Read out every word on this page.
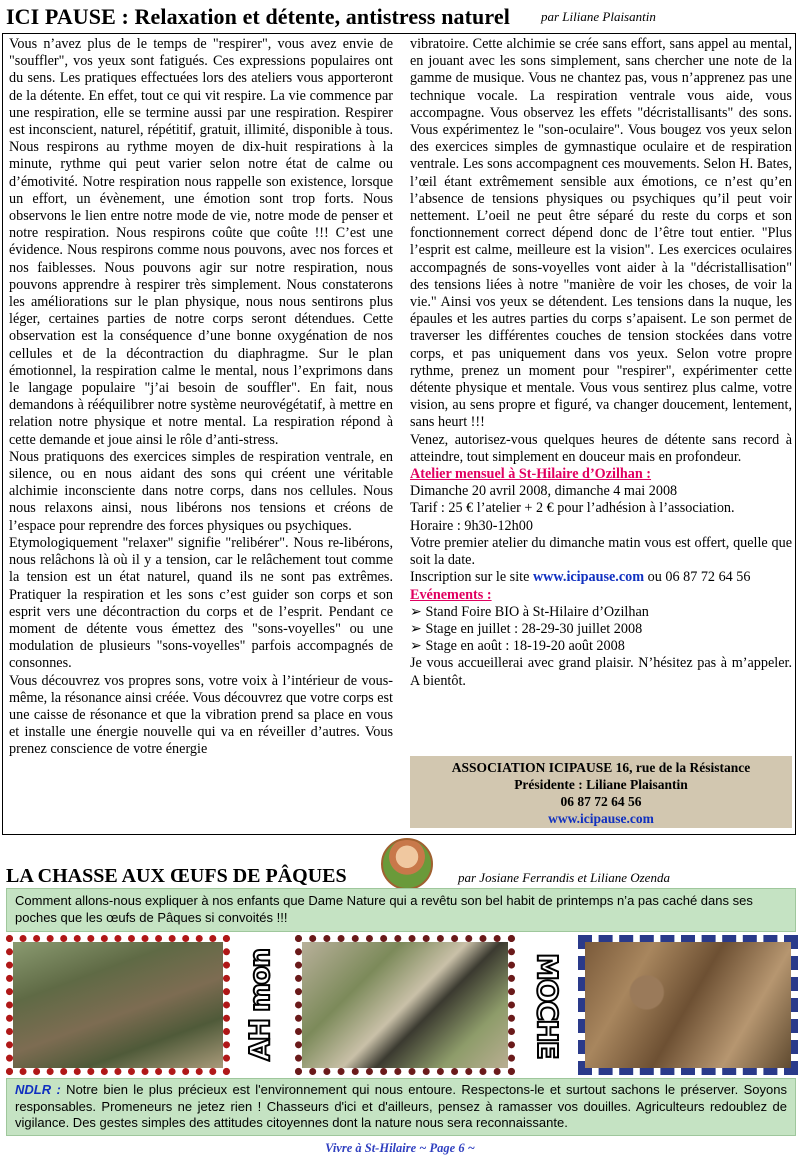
ICI PAUSE : Relaxation et détente, antistress naturel par Liliane Plaisantin

Vous n’avez plus de le temps de "respirer", vous avez envie de "souffler", vos yeux sont fatigués. Ces expressions populaires ont du sens. Les pratiques effectuées lors des ateliers vous apporteront de la détente. En effet, tout ce qui vit respire. La vie commence par une respiration, elle se termine aussi par une respiration. Respirer est inconscient, naturel, répétitif, gratuit, illimité, disponible à tous. Nous respirons au rythme moyen de dix-huit respirations à la minute, rythme qui peut varier selon notre état de calme ou d’émotivité. Notre respiration nous rappelle son existence, lorsque un effort, un évènement, une émotion sont trop forts. Nous observons le lien entre notre mode de vie, notre mode de penser et notre respiration. Nous respirons coûte que coûte !!! C’est une évidence. Nous respirons comme nous pouvons, avec nos forces et nos faiblesses. Nous pouvons agir sur notre respiration, nous pouvons apprendre à respirer très simplement. Nous constaterons les améliorations sur le plan physique, nous nous sentirons plus léger, certaines parties de notre corps seront détendues. Cette observation est la conséquence d’une bonne oxygénation de nos cellules et de la décontraction du diaphragme. Sur le plan émotionnel, la respiration calme le mental, nous l’exprimons dans le langage populaire "j’ai besoin de souffler". En fait, nous demandons à rééquilibrer notre système neurovégétatif, à mettre en relation notre physique et notre mental. La respiration répond à cette demande et joue ainsi le rôle d’anti-stress.

Nous pratiquons des exercices simples de respiration ventrale, en silence, ou en nous aidant des sons qui créent une véritable alchimie inconsciente dans notre corps, dans nos cellules. Nous nous relaxons ainsi, nous libérons nos tensions et créons de l’espace pour reprendre des forces physiques ou psychiques.

Etymologiquement "relaxer" signifie "relibérer". Nous re-libérons, nous relâchons là où il y a tension, car le relâchement tout comme la tension est un état naturel, quand ils ne sont pas extrêmes. Pratiquer la respiration et les sons c’est guider son corps et son esprit vers une décontraction du corps et de l’esprit. Pendant ce moment de détente vous émettez des "sons-voyelles" ou une modulation de plusieurs "sons-voyelles" parfois accompagnés de consonnes.

Vous découvrez vos propres sons, votre voix à l’intérieur de vous-même, la résonance ainsi créée. Vous découvrez que votre corps est une caisse de résonance et que la vibration prend sa place en vous et installe une énergie nouvelle qui va en réveiller d’autres. Vous prenez conscience de votre énergie

vibratoire. Cette alchimie se crée sans effort, sans appel au mental, en jouant avec les sons simplement, sans chercher une note de la gamme de musique. Vous ne chantez pas, vous n’apprenez pas une technique vocale. La respiration ventrale vous aide, vous accompagne. Vous observez les effets "décristallisants" des sons. Vous expérimentez le "son-oculaire". Vous bougez vos yeux selon des exercices simples de gymnastique oculaire et de respiration ventrale. Les sons accompagnent ces mouvements. Selon H. Bates, l’œil étant extrêmement sensible aux émotions, ce n’est qu’en l’absence de tensions physiques ou psychiques qu’il peut voir nettement. L’oeil ne peut être séparé du reste du corps et son fonctionnement correct dépend donc de l’être tout entier. "Plus l’esprit est calme, meilleure est la vision". Les exercices oculaires accompagnés de sons-voyelles vont aider à la "décristallisation" des tensions liées à notre "manière de voir les choses, de voir la vie." Ainsi vos yeux se détendent. Les tensions dans la nuque, les épaules et les autres parties du corps s’apaisent. Le son permet de traverser les différentes couches de tension stockées dans votre corps, et pas uniquement dans vos yeux. Selon votre propre rythme, prenez un moment pour "respirer", expérimenter cette détente physique et mentale. Vous vous sentirez plus calme, votre vision, au sens propre et figuré, va changer doucement, lentement, sans heurt !!!

Venez, autorisez-vous quelques heures de détente sans record à atteindre, tout simplement en douceur mais en profondeur.

Atelier mensuel à St-Hilaire d’Ozilhan :

Dimanche 20 avril 2008, dimanche 4 mai 2008

Tarif : 25 € l’atelier + 2 € pour l’adhésion à l’association.

Horaire : 9h30-12h00

Votre premier atelier du dimanche matin vous est offert, quelle que soit la date.

Inscription sur le site www.icipause.com ou 06 87 72 64 56

Evénements :

➢ Stand Foire BIO à St-Hilaire d’Ozilhan

➢ Stage en juillet : 28-29-30 juillet 2008

➢ Stage en août : 18-19-20 août 2008

Je vous accueillerai avec grand plaisir. N’hésitez pas à m’appeler. A bientôt.

ASSOCIATION ICIPAUSE 16, rue de la Résistance
Présidente : Liliane Plaisantin
06 87 72 64 56
www.icipause.com
LA CHASSE AUX ŒUFS DE PÂQUES	par Josiane Ferrandis et Liliane Ozenda
Comment allons-nous expliquer à nos enfants que Dame Nature qui a revêtu son bel habit de printemps n’a pas caché dans ses poches que les œufs de Pâques si convoités !!!
AH mon	MOCHE
NDLR : Notre bien le plus précieux est l'environnement qui nous entoure. Respectons-le et surtout sachons le préserver. Soyons responsables. Promeneurs ne jetez rien ! Chasseurs d'ici et d'ailleurs, pensez à ramasser vos douilles. Agriculteurs redoublez de vigilance. Des gestes simples des attitudes citoyennes dont la nature nous sera reconnaissante.
Vivre à St-Hilaire ~ Page 6 ~
